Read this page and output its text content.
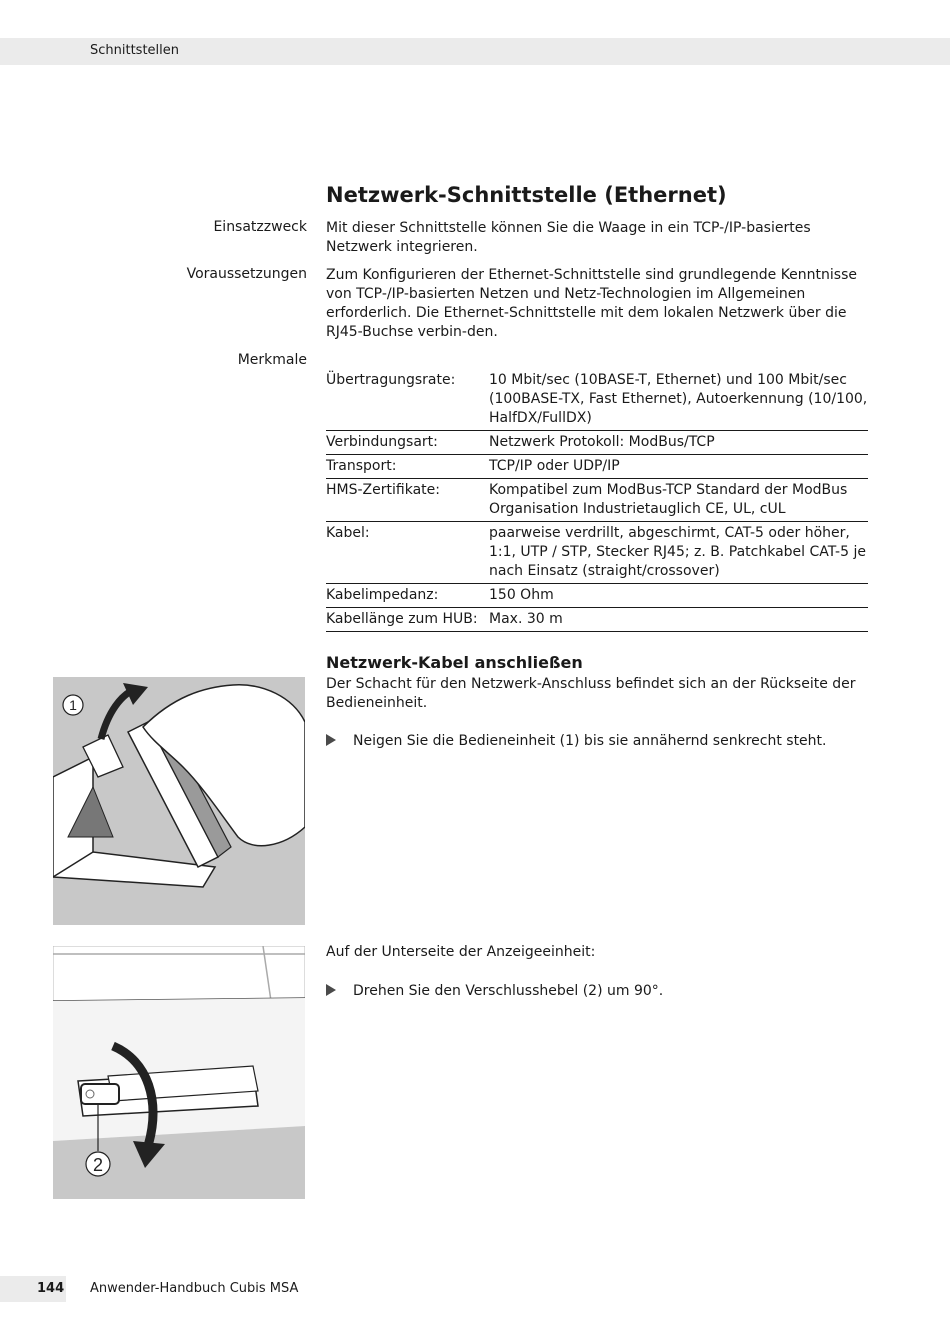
Schnittstellen
Netzwerk-Schnittstelle (Ethernet)
Einsatzzweck Mit dieser Schnittstelle können Sie die Waage in ein TCP-/IP-basiertes Netzwerk integrieren.

Voraussetzungen Zum Konfigurieren der Ethernet-Schnittstelle sind grundlegende Kenntnisse von TCP-/IP-basierten Netzen und Netz-Technologien im Allgemeinen erforderlich. Die Ethernet-Schnittstelle mit dem lokalen Netzwerk über die RJ45-Buchse verbin-den.

Merkmale
Übertragungsrate:	10 Mbit/sec (10BASE-T, Ethernet) und 100 Mbit/sec (100BASE-TX, Fast Ethernet), Autoerkennung (10/100, HalfDX/FullDX)
Verbindungsart:	Netzwerk Protokoll: ModBus/TCP
Transport:	TCP/IP oder UDP/IP
HMS-Zertifikate:	Kompatibel zum ModBus-TCP Standard der ModBus Organisation Industrietauglich CE, UL, cUL
Kabel:	paarweise verdrillt, abgeschirmt, CAT-5 oder höher, 1:1, UTP / STP, Stecker RJ45; z. B. Patchkabel CAT-5 je nach Einsatz (straight/crossover)
Kabelimpedanz:	150 Ohm
Kabellänge zum HUB:	Max. 30 m
Netzwerk-Kabel anschließen

Der Schacht für den Netzwerk-Anschluss befindet sich an der Rückseite der Bedieneinheit.

Neigen Sie die Bedieneinheit (1) bis sie annähernd senkrecht steht.

Auf der Unterseite der Anzeigeeinheit:

Drehen Sie den Verschlusshebel (2) um 90°.
1
2
144 Anwender-Handbuch Cubis MSA
